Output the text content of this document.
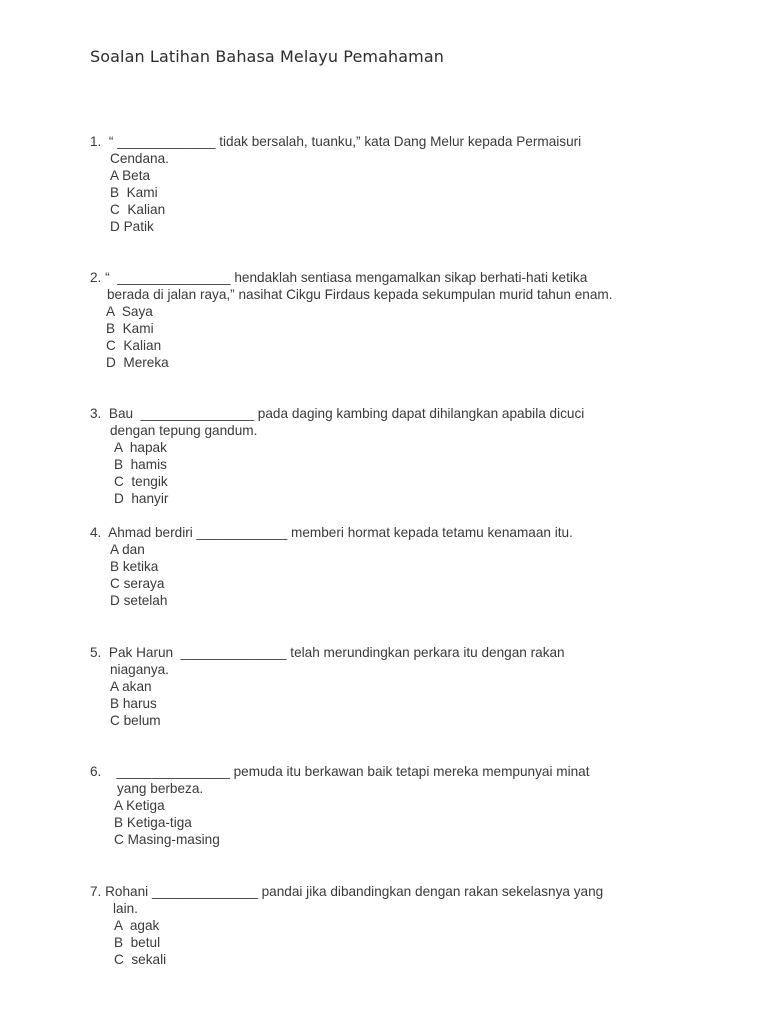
Soalan Latihan Bahasa Melayu Pemahaman
1.  “ _____________ tidak bersalah, tuanku,” kata Dang Melur kepada Permaisuri
Cendana.
A Beta
B  Kami
C  Kalian
D Patik
2. “  _______________ hendaklah sentiasa mengamalkan sikap berhati-hati ketika
berada di jalan raya,” nasihat Cikgu Firdaus kepada sekumpulan murid tahun enam.
A  Saya
B  Kami
C  Kalian
D  Mereka
3.  Bau  _______________ pada daging kambing dapat dihilangkan apabila dicuci
dengan tepung gandum.
A  hapak
B  hamis
C  tengik
D  hanyir
4.  Ahmad berdiri ____________ memberi hormat kepada tetamu kenamaan itu.
A dan
B ketika
C seraya
D setelah
5.  Pak Harun  ______________ telah merundingkan perkara itu dengan rakan
niaganya.
A akan
B harus
C belum
6.    _______________ pemuda itu berkawan baik tetapi mereka mempunyai minat
yang berbeza.
A Ketiga
B Ketiga-tiga
C Masing-masing
7. Rohani ______________ pandai jika dibandingkan dengan rakan sekelasnya yang
lain.
A  agak
B  betul
C  sekali
